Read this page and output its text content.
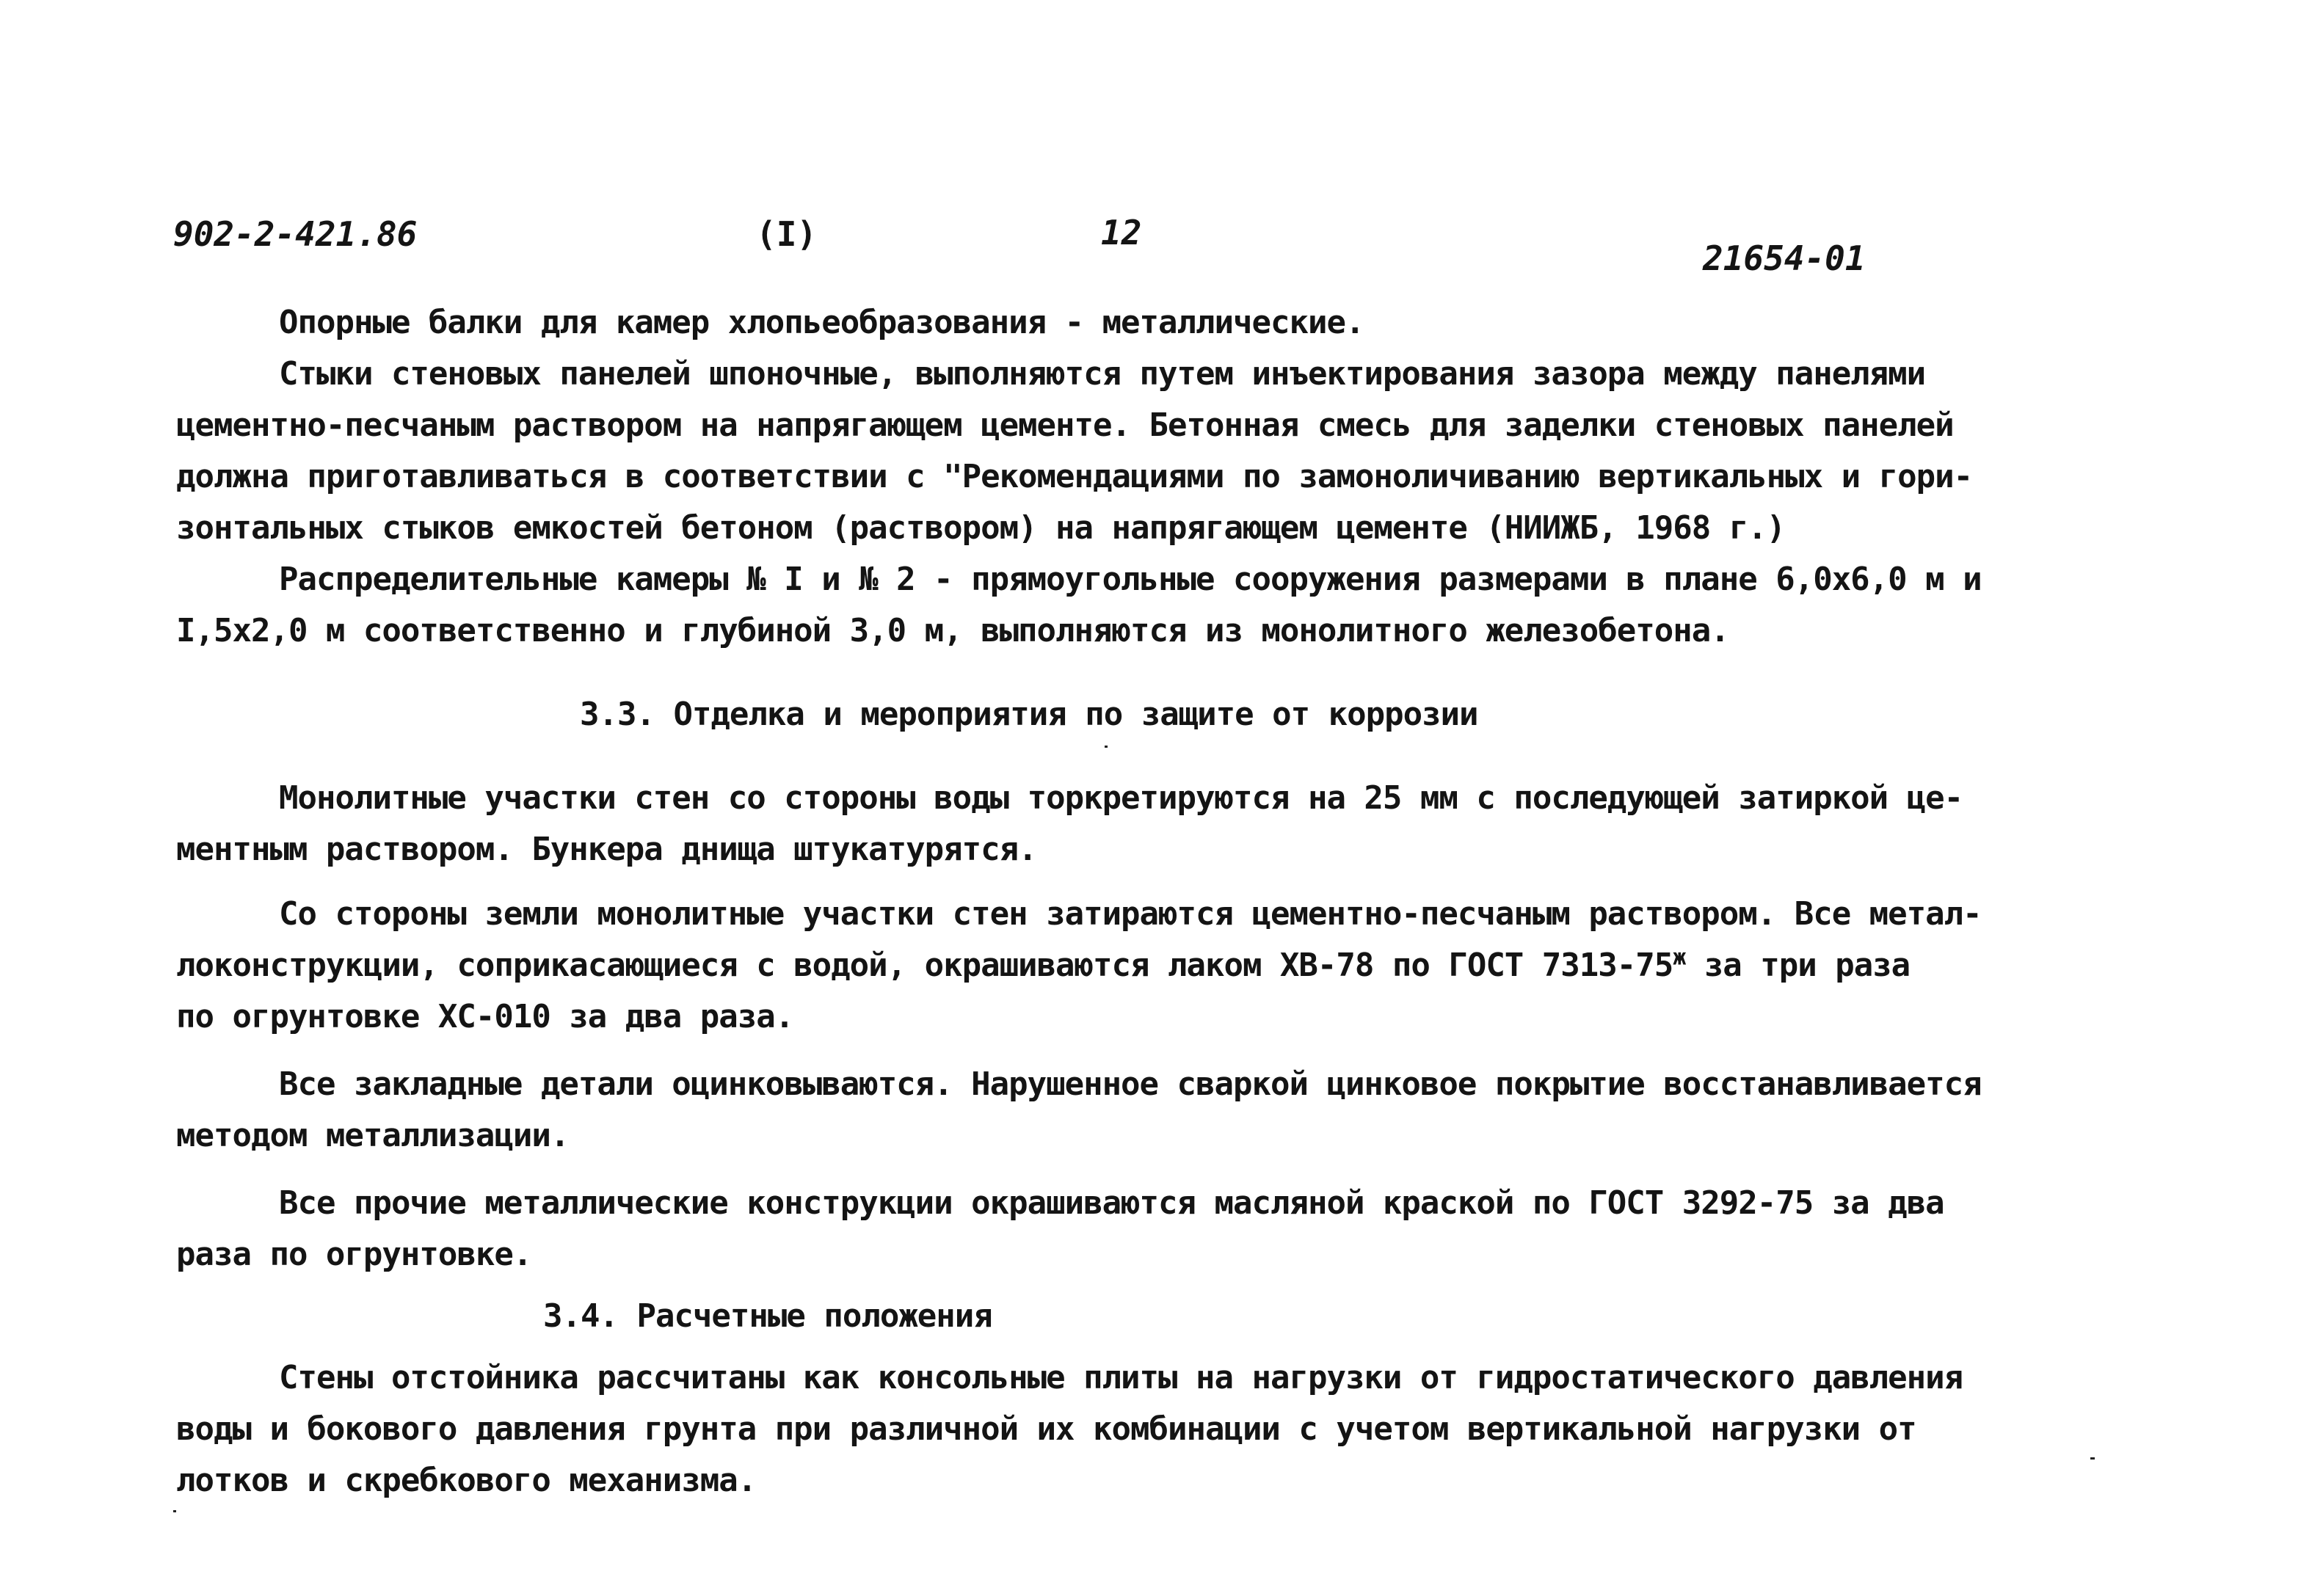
902-2-421.86	(I)	12
21654-01
Опорные балки для камер хлопьеобразования - металлические.
Стыки стеновых панелей шпоночные, выполняются путем инъектирования зазора между панелями
цементно-песчаным раствором на напрягающем цементе. Бетонная смесь для заделки стеновых панелей
должна приготавливаться в соответствии с "Рекомендациями по замоноличиванию вертикальных и гори-
зонтальных стыков емкостей бетоном (раствором) на напрягающем цементе (НИИЖБ, 1968 г.)
Распределительные камеры № I и № 2 - прямоугольные сооружения размерами в плане 6,0х6,0 м и
I,5х2,0 м соответственно и глубиной 3,0 м, выполняются из монолитного железобетона.
3.3. Отделка и мероприятия по защите от коррозии
Монолитные участки стен со стороны воды торкретируются на 25 мм с последующей затиркой це-
ментным раствором. Бункера днища штукатурятся.
Со стороны земли монолитные участки стен затираются цементно-песчаным раствором. Все метал-
локонструкции, соприкасающиеся с водой, окрашиваются лаком ХВ-78 по ГОСТ $7313-75^ж$ за три раза
по огрунтовке ХС-010 за два раза.
Все закладные детали оцинковываются. Нарушенное сваркой цинковое покрытие восстанавливается
методом металлизации.
Все прочие металлические конструкции окрашиваются масляной краской по ГОСТ 3292-75 за два
раза по огрунтовке.
3.4. Расчетные положения
Стены отстойника рассчитаны как консольные плиты на нагрузки от гидростатического давления
воды и бокового давления грунта при различной их комбинации с учетом вертикальной нагрузки от
лотков и скребкового механизма.
